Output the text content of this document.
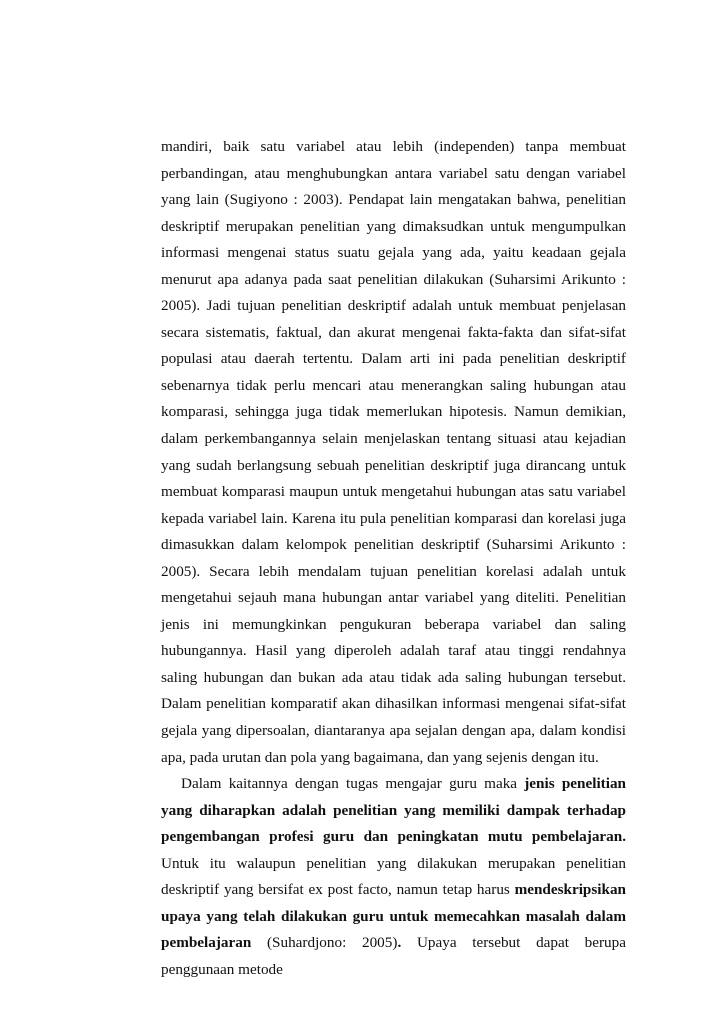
mandiri, baik satu variabel atau lebih (independen) tanpa membuat perbandingan, atau menghubungkan antara variabel satu dengan variabel yang lain (Sugiyono : 2003). Pendapat lain mengatakan bahwa, penelitian deskriptif merupakan penelitian yang dimaksudkan untuk mengumpulkan informasi mengenai status suatu gejala yang ada, yaitu keadaan gejala menurut apa adanya pada saat penelitian dilakukan (Suharsimi Arikunto : 2005). Jadi tujuan penelitian deskriptif adalah untuk membuat penjelasan secara sistematis, faktual, dan akurat mengenai fakta-fakta dan sifat-sifat populasi atau daerah tertentu. Dalam arti ini pada penelitian deskriptif sebenarnya tidak perlu mencari atau menerangkan saling hubungan atau komparasi, sehingga juga tidak memerlukan hipotesis. Namun demikian, dalam perkembangannya selain menjelaskan tentang situasi atau kejadian yang sudah berlangsung sebuah penelitian deskriptif juga dirancang untuk membuat komparasi maupun untuk mengetahui hubungan atas satu variabel kepada variabel lain. Karena itu pula penelitian komparasi dan korelasi juga dimasukkan dalam kelompok penelitian deskriptif (Suharsimi Arikunto : 2005). Secara lebih mendalam tujuan penelitian korelasi adalah untuk mengetahui sejauh mana hubungan antar variabel yang diteliti. Penelitian jenis ini memungkinkan pengukuran beberapa variabel dan saling hubungannya. Hasil yang diperoleh adalah taraf atau tinggi rendahnya saling hubungan dan bukan ada atau tidak ada saling hubungan tersebut. Dalam penelitian komparatif akan dihasilkan informasi mengenai sifat-sifat gejala yang dipersoalan, diantaranya apa sejalan dengan apa, dalam kondisi apa, pada urutan dan pola yang bagaimana, dan yang sejenis dengan itu.

Dalam kaitannya dengan tugas mengajar guru maka jenis penelitian yang diharapkan adalah penelitian yang memiliki dampak terhadap pengembangan profesi guru dan peningkatan mutu pembelajaran. Untuk itu walaupun penelitian yang dilakukan merupakan penelitian deskriptif yang bersifat ex post facto, namun tetap harus mendeskripsikan upaya yang telah dilakukan guru untuk memecahkan masalah dalam pembelajaran (Suhardjono: 2005). Upaya tersebut dapat berupa penggunaan metode
